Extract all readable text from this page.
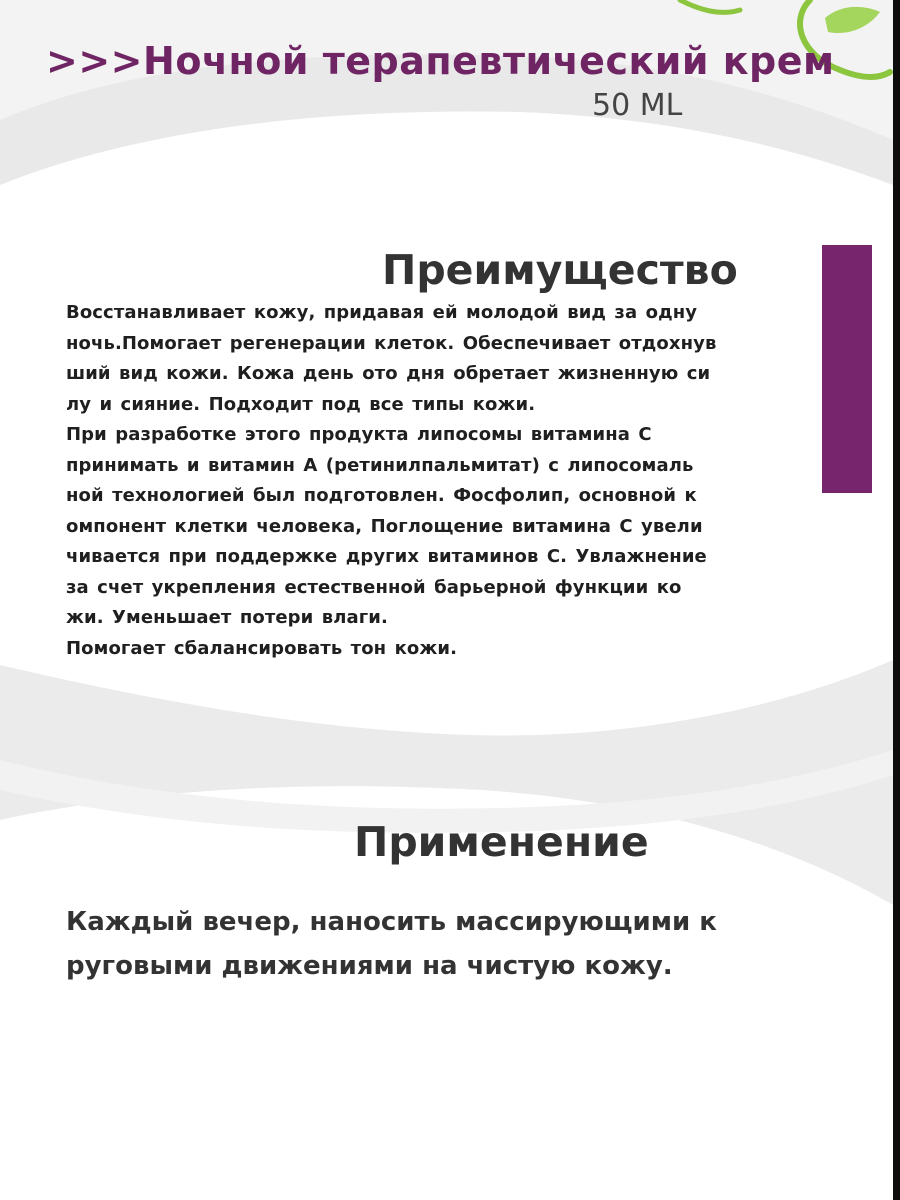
>>>Ночной терапевтический крем
50 ML
Преимущество
Восстанавливает кожу, придавая ей молодой вид за одну
ночь.Помогает регенерации клеток. Обеспечивает отдохнув
ший вид кожи. Кожа день ото дня обретает жизненную си
лу и сияние. Подходит под все типы кожи.
При разработке этого продукта липосомы витамина С
принимать и витамин А (ретинилпальмитат) с липосомаль
ной технологией был подготовлен. Фосфолип, основной к
омпонент клетки человека, Поглощение витамина С увели
чивается при поддержке других витаминов С. Увлажнение
за счет укрепления естественной барьерной функции ко
жи. Уменьшает потери влаги.
Помогает сбалансировать тон кожи.
Применение
Каждый вечер, наносить массирующими к
руговыми движениями на чистую кожу.
